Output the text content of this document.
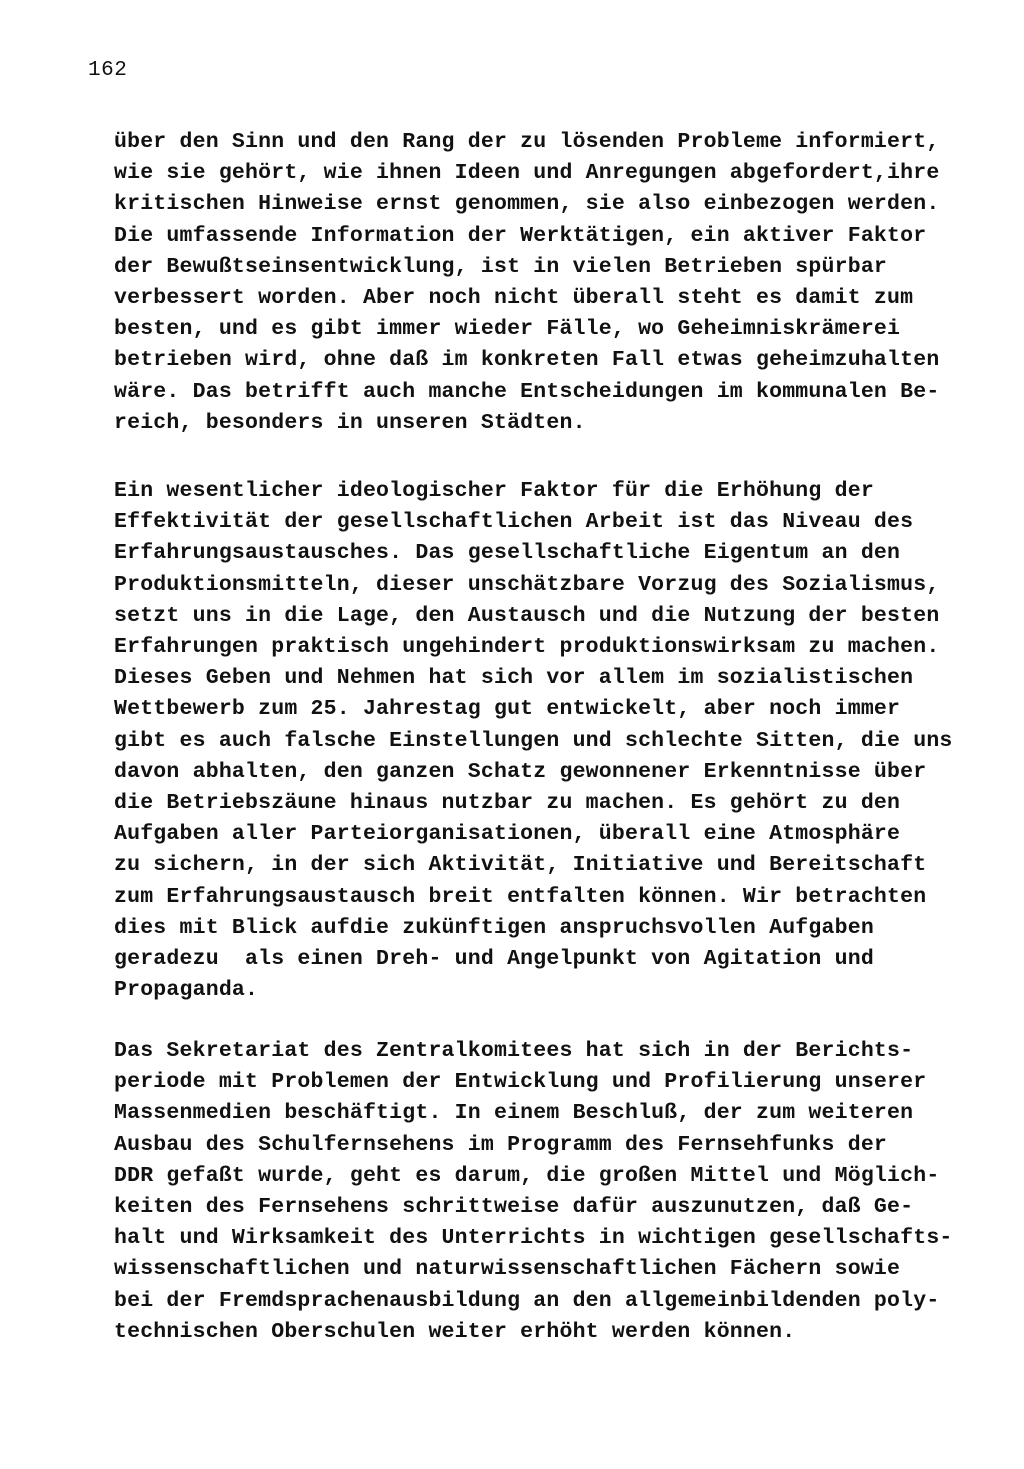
162
über den Sinn und den Rang der zu lösenden Probleme informiert,
wie sie gehört, wie ihnen Ideen und Anregungen abgefordert,ihre
kritischen Hinweise ernst genommen, sie also einbezogen werden.
Die umfassende Information der Werktätigen, ein aktiver Faktor
der Bewußtseinsentwicklung, ist in vielen Betrieben spürbar
verbessert worden. Aber noch nicht überall steht es damit zum
besten, und es gibt immer wieder Fälle, wo Geheimniskrämerei
betrieben wird, ohne daß im konkreten Fall etwas geheimzuhalten
wäre. Das betrifft auch manche Entscheidungen im kommunalen Be-
reich, besonders in unseren Städten.
Ein wesentlicher ideologischer Faktor für die Erhöhung der
Effektivität der gesellschaftlichen Arbeit ist das Niveau des
Erfahrungsaustausches. Das gesellschaftliche Eigentum an den
Produktionsmitteln, dieser unschätzbare Vorzug des Sozialismus,
setzt uns in die Lage, den Austausch und die Nutzung der besten
Erfahrungen praktisch ungehindert produktionswirksam zu machen.
Dieses Geben und Nehmen hat sich vor allem im sozialistischen
Wettbewerb zum 25. Jahrestag gut entwickelt, aber noch immer
gibt es auch falsche Einstellungen und schlechte Sitten, die uns
davon abhalten, den ganzen Schatz gewonnener Erkenntnisse über
die Betriebszäune hinaus nutzbar zu machen. Es gehört zu den
Aufgaben aller Parteiorganisationen, überall eine Atmosphäre
zu sichern, in der sich Aktivität, Initiative und Bereitschaft
zum Erfahrungsaustausch breit entfalten können. Wir betrachten
dies mit Blick aufdie zukünftigen anspruchsvollen Aufgaben
geradezu  als einen Dreh- und Angelpunkt von Agitation und
Propaganda.
Das Sekretariat des Zentralkomitees hat sich in der Berichts-
periode mit Problemen der Entwicklung und Profilierung unserer
Massenmedien beschäftigt. In einem Beschluß, der zum weiteren
Ausbau des Schulfernsehens im Programm des Fernsehfunks der
DDR gefaßt wurde, geht es darum, die großen Mittel und Möglich-
keiten des Fernsehens schrittweise dafür auszunutzen, daß Ge-
halt und Wirksamkeit des Unterrichts in wichtigen gesellschafts-
wissenschaftlichen und naturwissenschaftlichen Fächern sowie
bei der Fremdsprachenausbildung an den allgemeinbildenden poly-
technischen Oberschulen weiter erhöht werden können.
